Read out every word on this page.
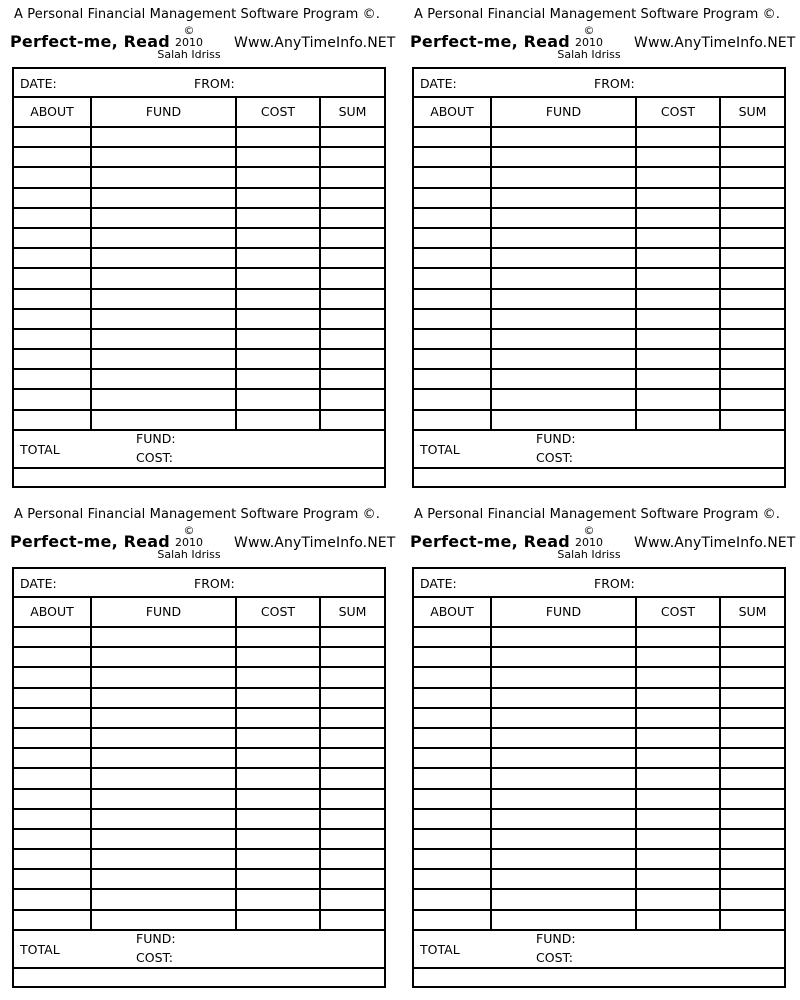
A Personal Financial Management Software Program ©.
Perfect-me, Read
©
2010
Salah Idriss
Www.AnyTimeInfo.NET
DATE:	FROM:
ABOUT	FUND	COST	SUM
TOTAL
FUND:
COST:
A Personal Financial Management Software Program ©.
Perfect-me, Read
©
2010
Salah Idriss
Www.AnyTimeInfo.NET
DATE:	FROM:
ABOUT	FUND	COST	SUM
TOTAL
FUND:
COST:
A Personal Financial Management Software Program ©.
Perfect-me, Read
©
2010
Salah Idriss
Www.AnyTimeInfo.NET
DATE:	FROM:
ABOUT	FUND	COST	SUM
TOTAL
FUND:
COST:
A Personal Financial Management Software Program ©.
Perfect-me, Read
©
2010
Salah Idriss
Www.AnyTimeInfo.NET
DATE:	FROM:
ABOUT	FUND	COST	SUM
TOTAL
FUND:
COST:
